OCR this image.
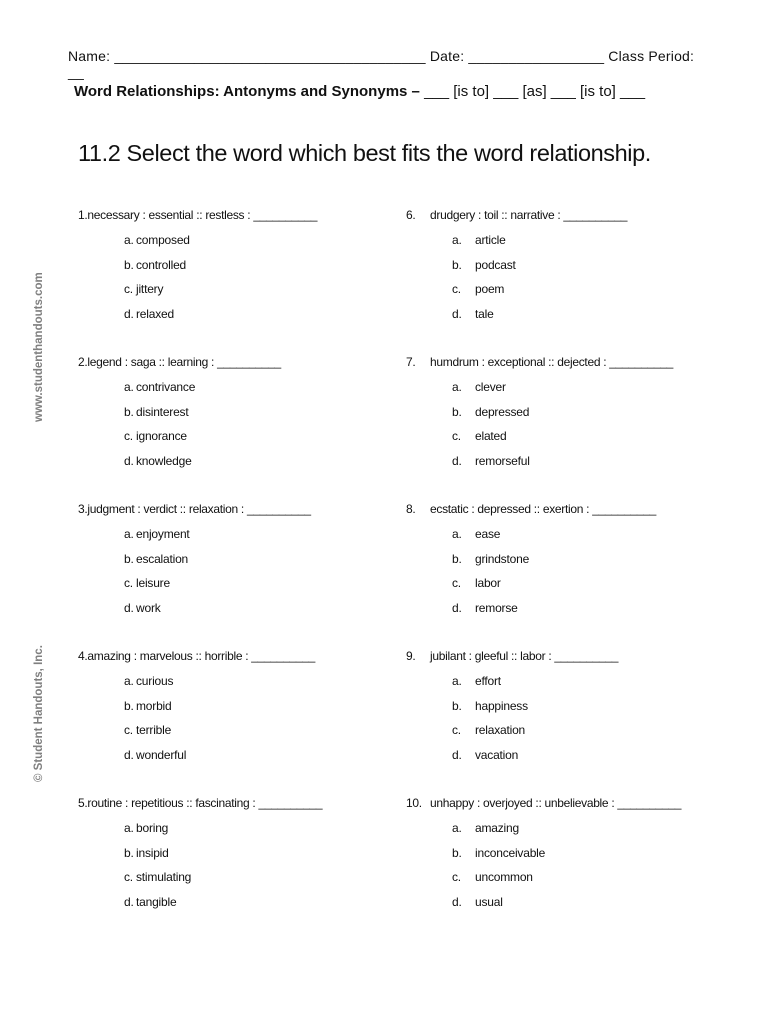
Name: _______________________________________ Date: _________________ Class Period: __
Word Relationships: Antonyms and Synonyms – ___ [is to] ___ [as] ___ [is to] ___
11.2 Select the word which best fits the word relationship.
www.studenthandouts.com
© Student Handouts, Inc.
1.necessary : essential :: restless : __________
a. composed
b. controlled
c. jittery
d. relaxed
2.legend : saga :: learning : __________
a. contrivance
b. disinterest
c. ignorance
d. knowledge
3.judgment : verdict :: relaxation : __________
a. enjoyment
b. escalation
c. leisure
d. work
4.amazing : marvelous :: horrible : __________
a. curious
b. morbid
c. terrible
d. wonderful
5.routine : repetitious :: fascinating : __________
a. boring
b. insipid
c. stimulating
d. tangible
6. drudgery : toil :: narrative : __________
a. article
b. podcast
c. poem
d. tale
7. humdrum : exceptional :: dejected : __________
a. clever
b. depressed
c. elated
d. remorseful
8. ecstatic : depressed :: exertion : __________
a. ease
b. grindstone
c. labor
d. remorse
9. jubilant : gleeful :: labor : __________
a. effort
b. happiness
c. relaxation
d. vacation
10. unhappy : overjoyed :: unbelievable : __________
a. amazing
b. inconceivable
c. uncommon
d. usual
